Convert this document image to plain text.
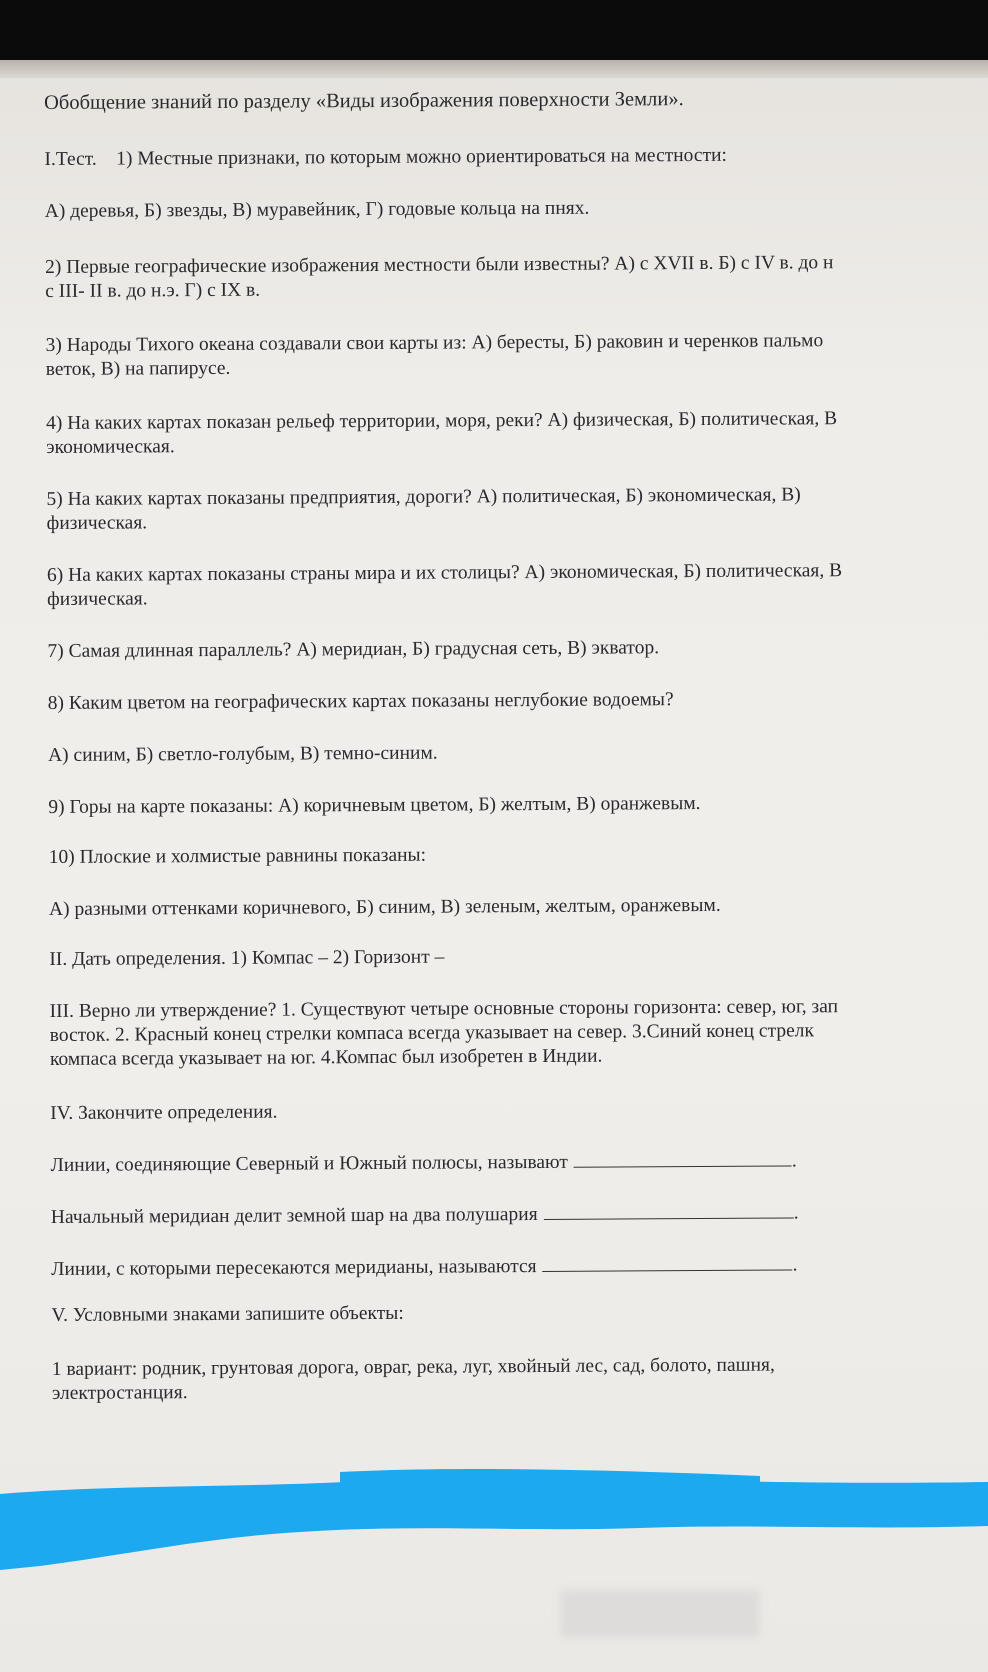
Обобщение знаний по разделу «Виды изображения поверхности Земли».
I.Тест. 1) Местные признаки, по которым можно ориентироваться на местности:
А) деревья, Б) звезды, В) муравейник, Г) годовые кольца на пнях.
2) Первые географические изображения местности были известны? А) с XVII в. Б) с IV в. до н
с III- II в. до н.э. Г) с IX в.
3) Народы Тихого океана создавали свои карты из: А) бересты, Б) раковин и черенков пальмо
веток, В) на папирусе.
4) На каких картах показан рельеф территории, моря, реки? А) физическая, Б) политическая, В
экономическая.
5) На каких картах показаны предприятия, дороги? А) политическая, Б) экономическая, В)
физическая.
6) На каких картах показаны страны мира и их столицы? А) экономическая, Б) политическая, В
физическая.
7) Самая длинная параллель? А) меридиан, Б) градусная сеть, В) экватор.
8) Каким цветом на географических картах показаны неглубокие водоемы?
А) синим, Б) светло-голубым, В) темно-синим.
9) Горы на карте показаны: А) коричневым цветом, Б) желтым, В) оранжевым.
10) Плоские и холмистые равнины показаны:
А) разными оттенками коричневого, Б) синим, В) зеленым, желтым, оранжевым.
II. Дать определения. 1) Компас – 2) Горизонт –
III. Верно ли утверждение? 1. Существуют четыре основные стороны горизонта: север, юг, зап
восток. 2. Красный конец стрелки компаса всегда указывает на север. 3.Синий конец стрелк
компаса всегда указывает на юг. 4.Компас был изобретен в Индии.
IV. Закончите определения.
Линии, соединяющие Северный и Южный полюсы, называют	.
Начальный меридиан делит земной шар на два полушария	.
Линии, с которыми пересекаются меридианы, называются	.
V. Условными знаками запишите объекты:
1 вариант: родник, грунтовая дорога, овраг, река, луг, хвойный лес, сад, болото, пашня,
электростанция.
